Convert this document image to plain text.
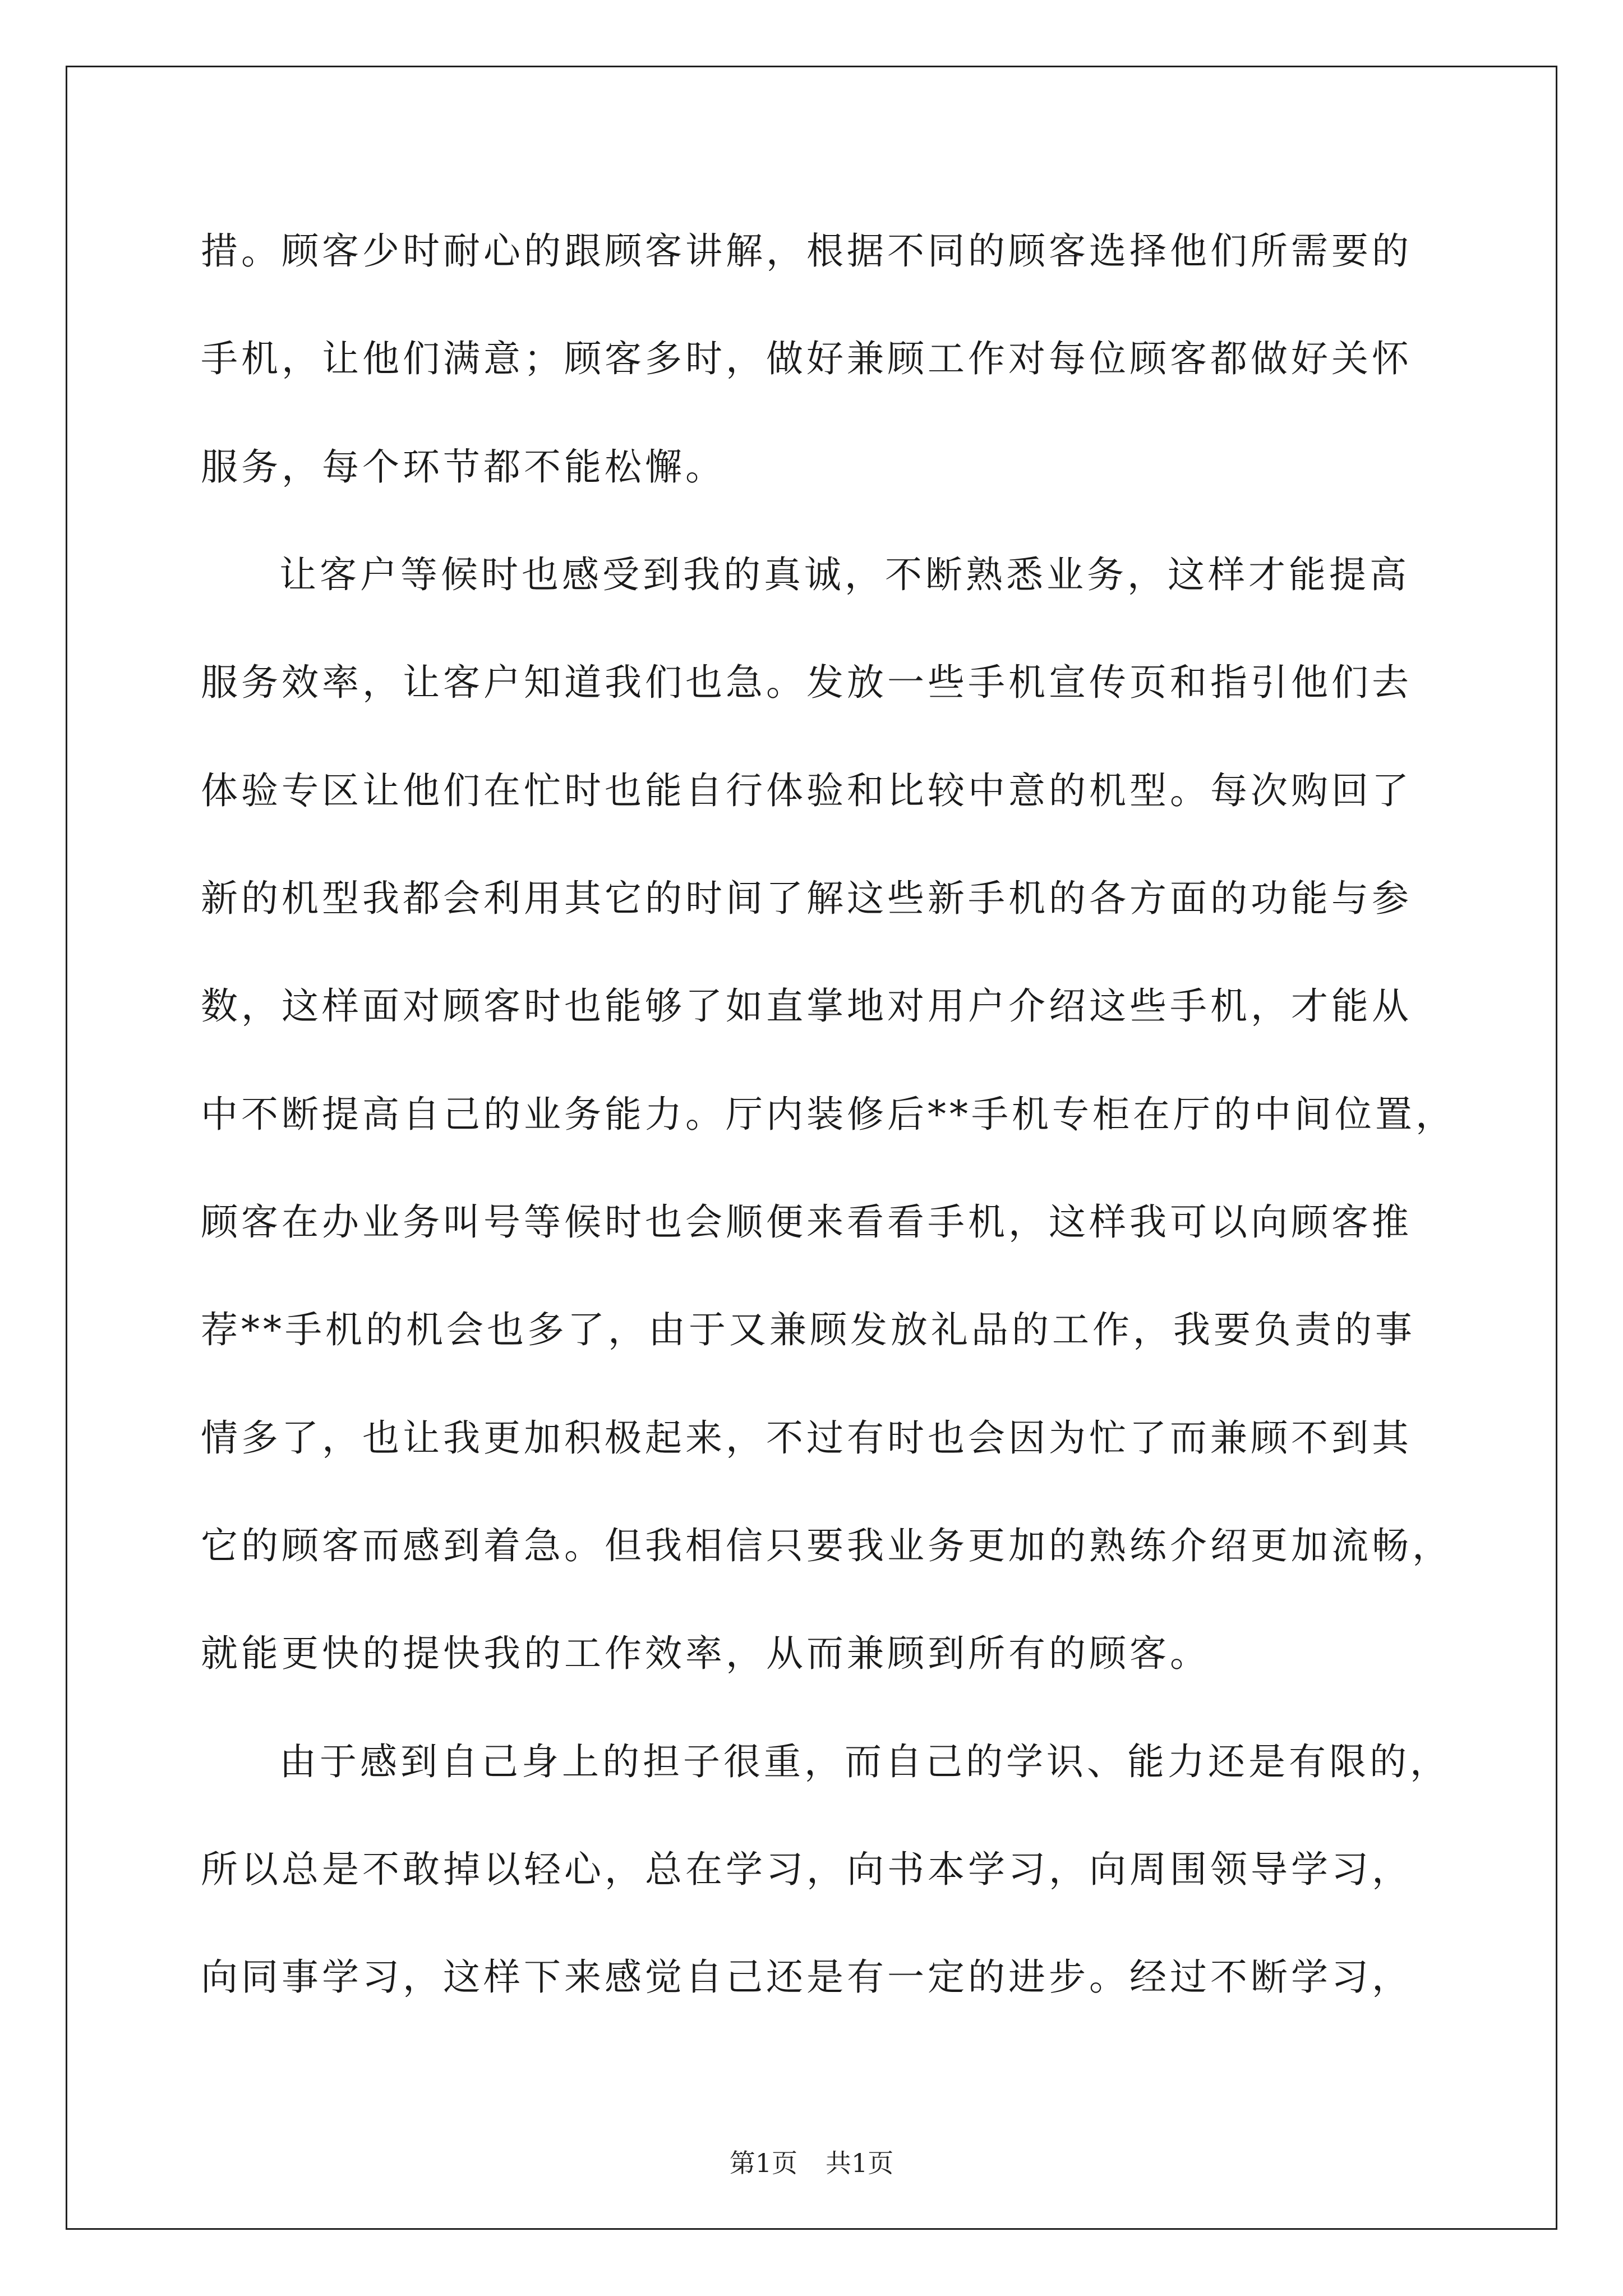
措。顾客少时耐心的跟顾客讲解，根据不同的顾客选择他们所需要的
手机，让他们满意；顾客多时，做好兼顾工作对每位顾客都做好关怀
服务，每个环节都不能松懈。
让客户等候时也感受到我的真诚，不断熟悉业务，这样才能提高
服务效率，让客户知道我们也急。发放一些手机宣传页和指引他们去
体验专区让他们在忙时也能自行体验和比较中意的机型。每次购回了
新的机型我都会利用其它的时间了解这些新手机的各方面的功能与参
数，这样面对顾客时也能够了如直掌地对用户介绍这些手机，才能从
中不断提高自己的业务能力。厅内装修后**手机专柜在厅的中间位置，
顾客在办业务叫号等候时也会顺便来看看手机，这样我可以向顾客推
荐**手机的机会也多了，由于又兼顾发放礼品的工作，我要负责的事
情多了，也让我更加积极起来，不过有时也会因为忙了而兼顾不到其
它的顾客而感到着急。但我相信只要我业务更加的熟练介绍更加流畅，
就能更快的提快我的工作效率，从而兼顾到所有的顾客。
由于感到自己身上的担子很重，而自己的学识、能力还是有限的，
所以总是不敢掉以轻心，总在学习，向书本学习，向周围领导学习，
向同事学习，这样下来感觉自己还是有一定的进步。经过不断学习，
第1页 共1页
